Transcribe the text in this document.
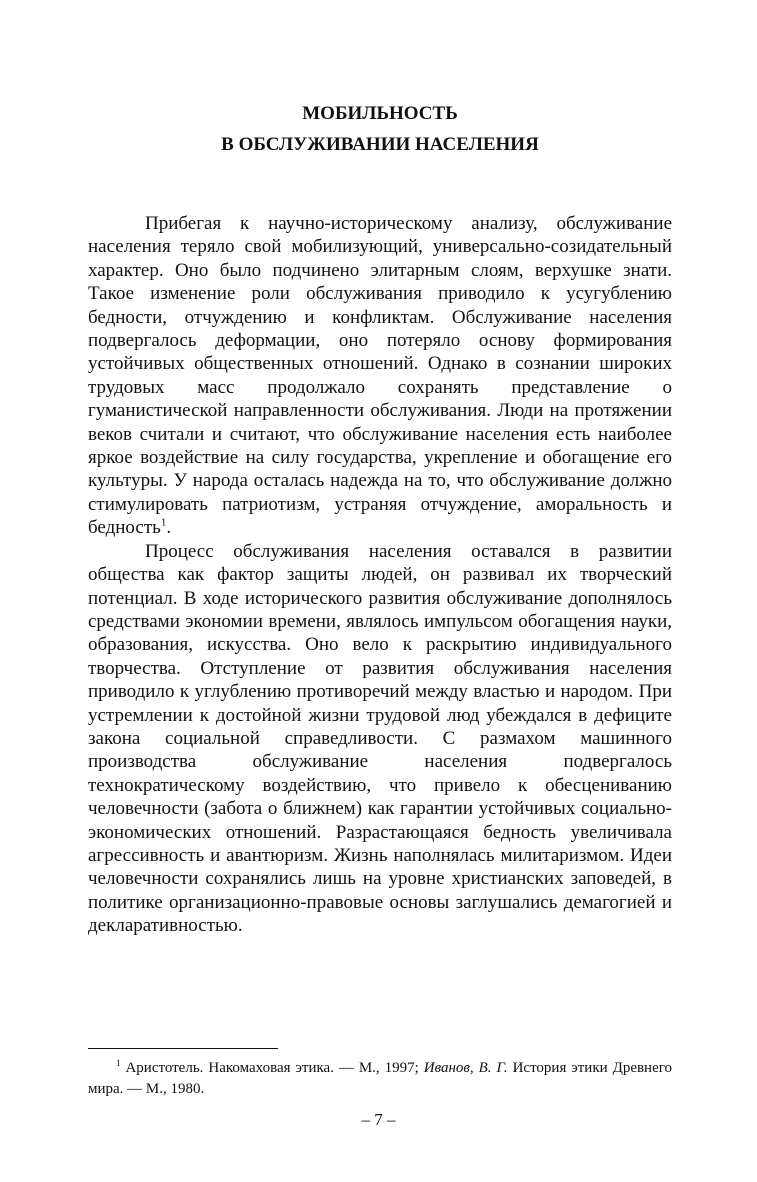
МОБИЛЬНОСТЬ
В ОБСЛУЖИВАНИИ НАСЕЛЕНИЯ

Прибегая к научно-историческому анализу, обслуживание населения теряло свой мобилизующий, универсально-созидательный характер. Оно было подчинено элитарным слоям, верхушке знати. Такое изменение роли обслуживания приводило к усугублению бедности, отчуждению и конфликтам. Обслуживание населения подвергалось деформации, оно потеряло основу формирования устойчивых общественных отношений. Однако в сознании широких трудовых масс продолжало сохранять представление о гуманистической направленности обслуживания. Люди на протяжении веков считали и считают, что обслуживание населения есть наиболее яркое воздействие на силу государства, укрепление и обогащение его культуры. У народа осталась надежда на то, что обслуживание должно стимулировать патриотизм, устраняя отчуждение, аморальность и бедность$^1$.

Процесс обслуживания населения оставался в развитии общества как фактор защиты людей, он развивал их творческий потенциал. В ходе исторического развития обслуживание дополнялось средствами экономии времени, являлось импульсом обогащения науки, образования, искусства. Оно вело к раскрытию индивидуального творчества. Отступление от развития обслуживания населения приводило к углублению противоречий между властью и народом. При устремлении к достойной жизни трудовой люд убеждался в дефиците закона социальной справедливости. С размахом машинного производства обслуживание населения подвергалось технократическому воздействию, что привело к обесцениванию человечности (забота о ближнем) как гарантии устойчивых социально-экономических отношений. Разрастающаяся бедность увеличивала агрессивность и авантюризм. Жизнь наполнялась милитаризмом. Идеи человечности сохранялись лишь на уровне христианских заповедей, в политике организационно-правовые основы заглушались демагогией и декларативностью.

$^1$ Аристотель. Накомаховая этика. — М., 1997; Иванов, В. Г. История этики Древнего мира. — М., 1980.

– 7 –
